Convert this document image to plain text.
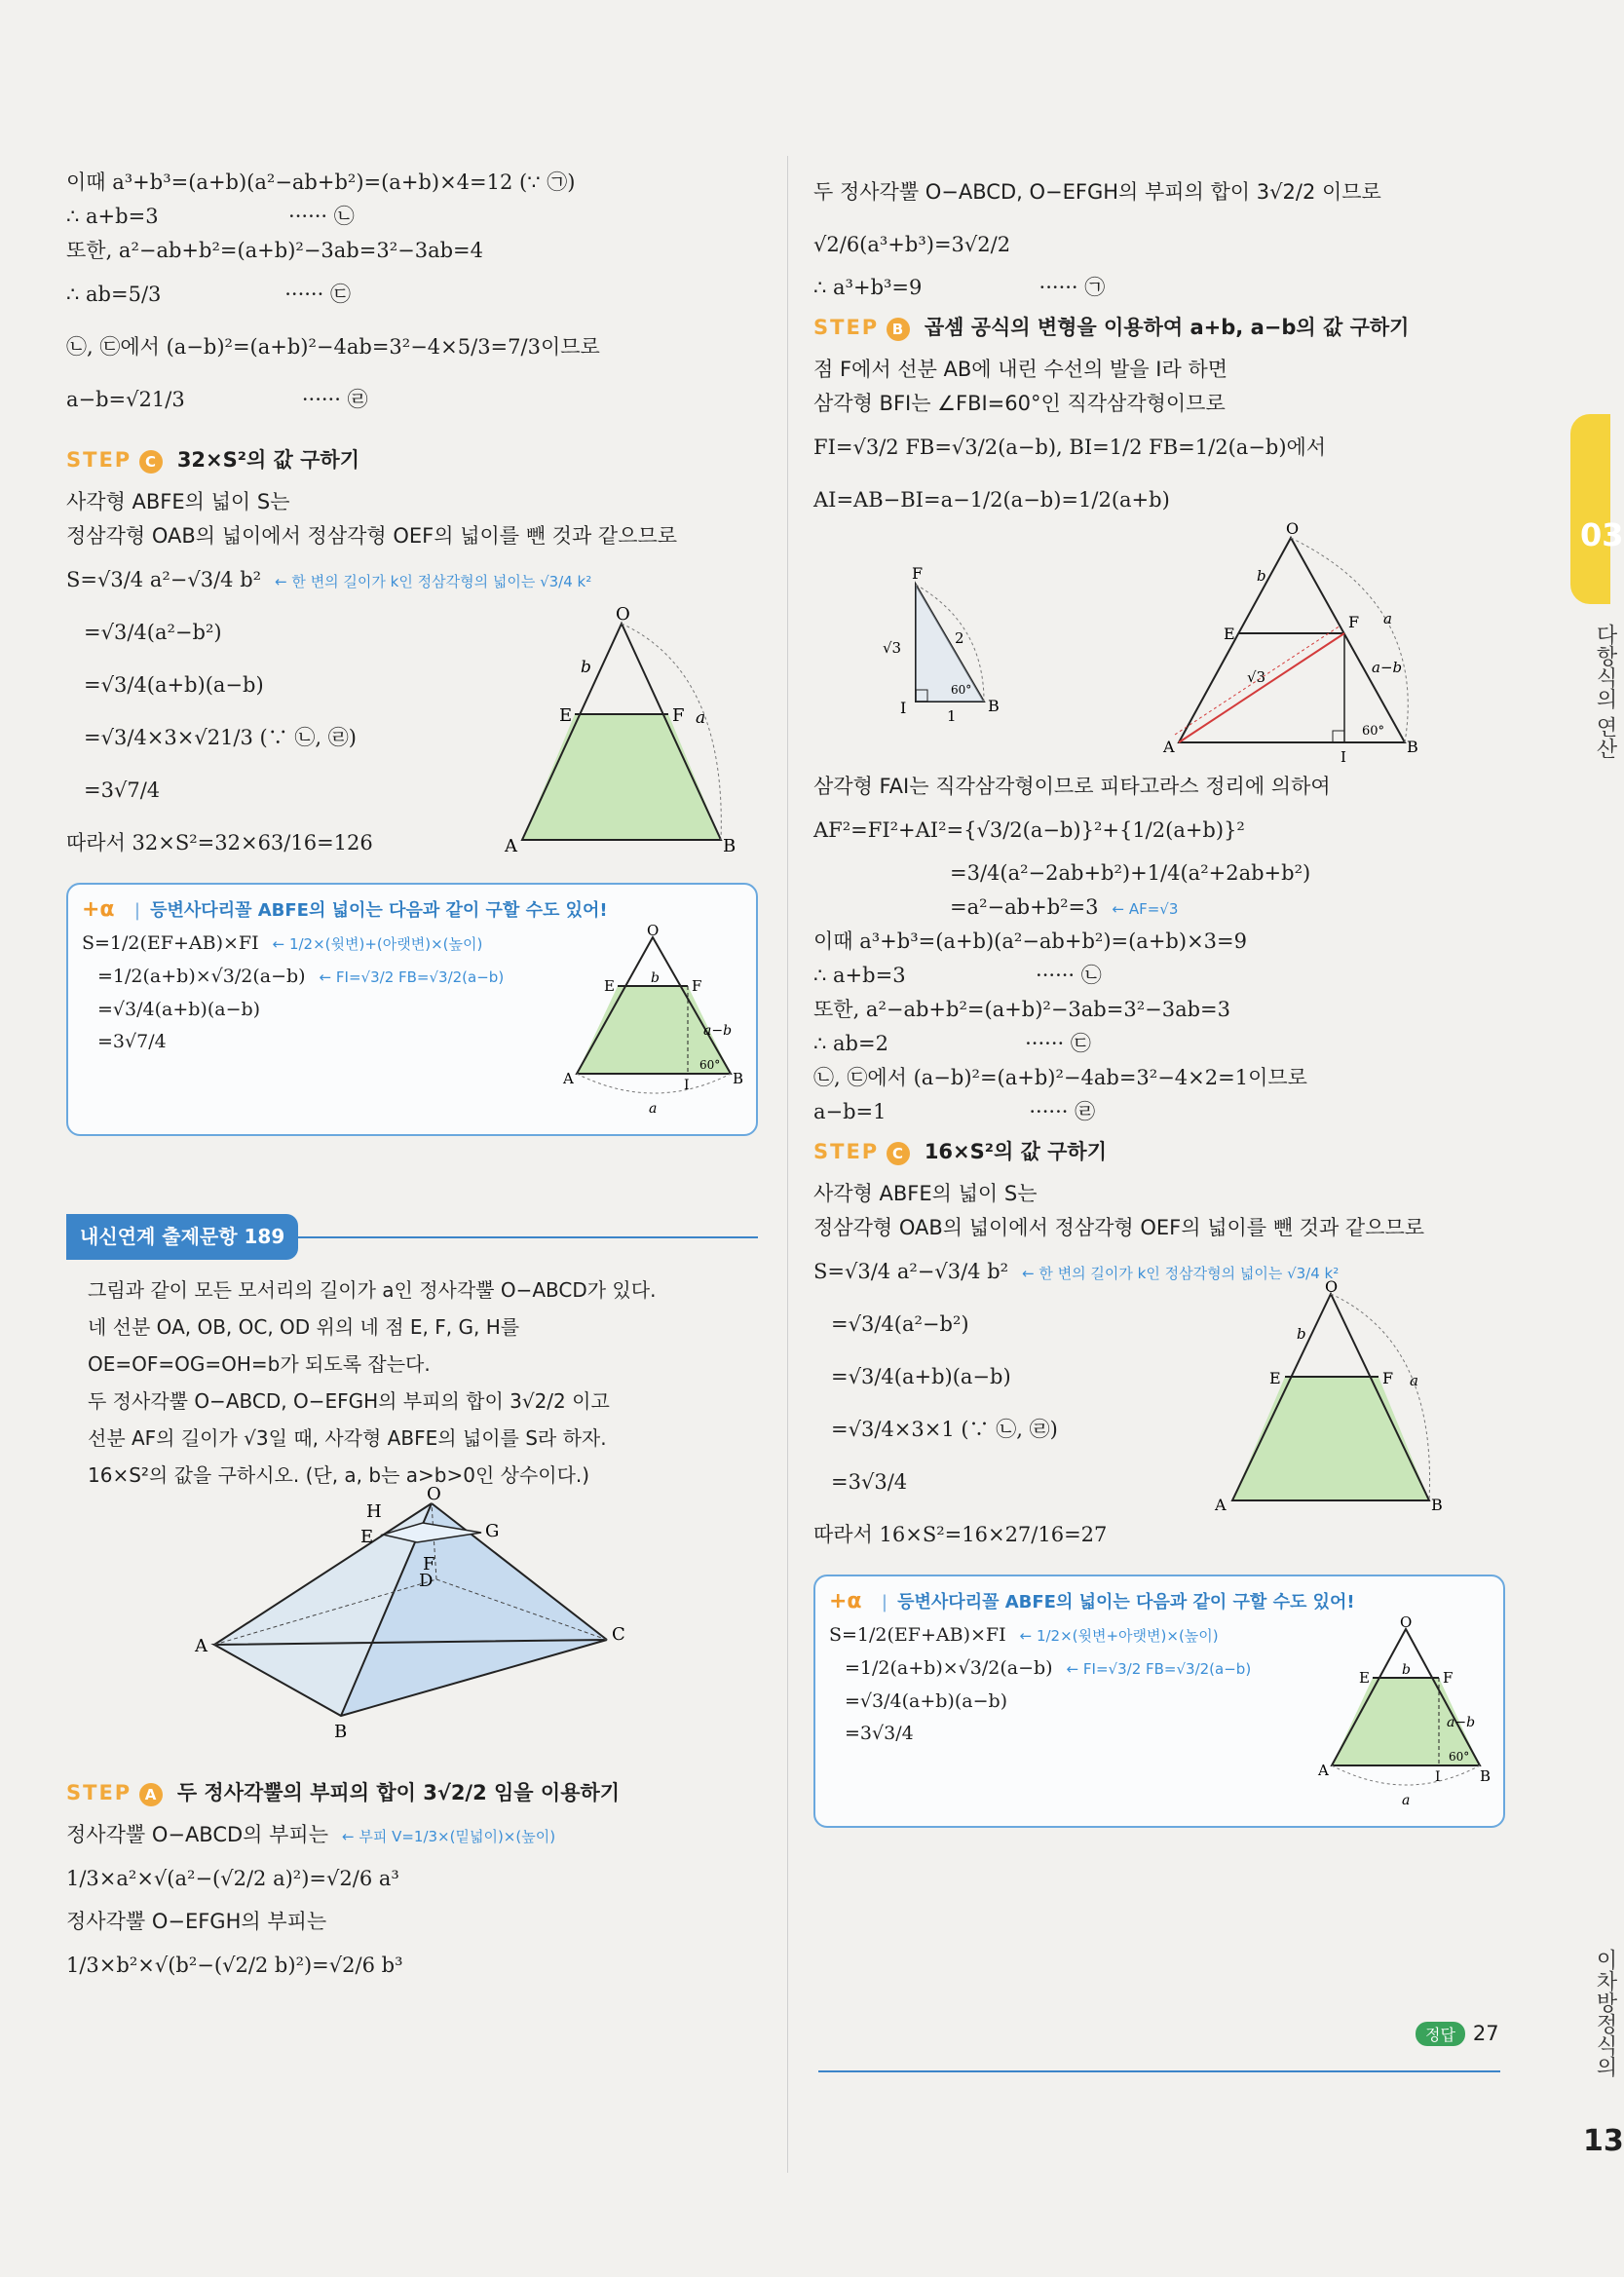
이때 a³+b³=(a+b)(a²−ab+b²)=(a+b)×4=12 (∵ ㉠)
∴ a+b=3                    ······ ㉡
또한, a²−ab+b²=(a+b)²−3ab=3²−3ab=4
∴ ab=5/3                   ······ ㉢
㉡, ㉢에서 (a−b)²=(a+b)²−4ab=3²−4×5/3=7/3이므로
a−b=√21/3                  ······ ㉣
STEP C 32×S²의 값 구하기
사각형 ABFE의 넓이 S는
정삼각형 OAB의 넓이에서 정삼각형 OEF의 넓이를 뺀 것과 같으므로
S=√3/4 a²−√3/4 b² ← 한 변의 길이가 k인 정삼각형의 넓이는 √3/4 k²
=√3/4(a²−b²)
=√3/4(a+b)(a−b)
=√3/4×3×√21/3 (∵ ㉡, ㉣)
=3√7/4
O
A	B
E	F
b
a
따라서 32×S²=32×63/16=126
+α | 등변사다리꼴 ABFE의 넓이는 다음과 같이 구할 수도 있어!
S=1/2(EF+AB)×FI ← 1/2×(윗변)+(아랫변)×(높이)
=1/2(a+b)×√3/2(a−b) ← FI=√3/2 FB=√3/2(a−b)
=√3/4(a+b)(a−b)
=3√7/4
O
A	B
E	F
I
b
a−b
60°
a
내신연계 출제문항 189
그림과 같이 모든 모서리의 길이가 a인 정사각뿔 O−ABCD가 있다.
네 선분 OA, OB, OC, OD 위의 네 점 E, F, G, H를
OE=OF=OG=OH=b가 되도록 잡는다.
두 정사각뿔 O−ABCD, O−EFGH의 부피의 합이 3√2/2 이고
선분 AF의 길이가 √3일 때, 사각형 ABFE의 넓이를 S라 하자.
16×S²의 값을 구하시오. (단, a, b는 a>b>0인 상수이다.)
O
A
B
C
D
E
F
G
H
STEP A 두 정사각뿔의 부피의 합이 3√2/2 임을 이용하기
정사각뿔 O−ABCD의 부피는 ← 부피 V=1/3×(밑넓이)×(높이)
1/3×a²×√(a²−(√2/2 a)²)=√2/6 a³
정사각뿔 O−EFGH의 부피는
1/3×b²×√(b²−(√2/2 b)²)=√2/6 b³
두 정사각뿔 O−ABCD, O−EFGH의 부피의 합이 3√2/2 이므로
√2/6(a³+b³)=3√2/2
∴ a³+b³=9                  ······ ㉠
STEP B 곱셈 공식의 변형을 이용하여 a+b, a−b의 값 구하기
점 F에서 선분 AB에 내린 수선의 발을 I라 하면
삼각형 BFI는 ∠FBI=60°인 직각삼각형이므로
FI=√3/2 FB=√3/2(a−b), BI=1/2 FB=1/2(a−b)에서
AI=AB−BI=a−1/2(a−b)=1/2(a+b)
F
I	B
√3
2
1
60°
O
A	B
E
F
I
√3
b
a
a−b
60°
삼각형 FAI는 직각삼각형이므로 피타고라스 정리에 의하여
AF²=FI²+AI²={√3/2(a−b)}²+{1/2(a+b)}²
=3/4(a²−2ab+b²)+1/4(a²+2ab+b²)
=a²−ab+b²=3 ← AF=√3
이때 a³+b³=(a+b)(a²−ab+b²)=(a+b)×3=9
∴ a+b=3                    ······ ㉡
또한, a²−ab+b²=(a+b)²−3ab=3²−3ab=3
∴ ab=2                     ······ ㉢
㉡, ㉢에서 (a−b)²=(a+b)²−4ab=3²−4×2=1이므로
a−b=1                      ······ ㉣
STEP C 16×S²의 값 구하기
사각형 ABFE의 넓이 S는
정삼각형 OAB의 넓이에서 정삼각형 OEF의 넓이를 뺀 것과 같으므로
S=√3/4 a²−√3/4 b² ← 한 변의 길이가 k인 정삼각형의 넓이는 √3/4 k²
=√3/4(a²−b²)
=√3/4(a+b)(a−b)
=√3/4×3×1 (∵ ㉡, ㉣)
=3√3/4
O
A	B
E	F
b
a
따라서 16×S²=16×27/16=27
+α | 등변사다리꼴 ABFE의 넓이는 다음과 같이 구할 수도 있어!
S=1/2(EF+AB)×FI ← 1/2×(윗변+아랫변)×(높이)
=1/2(a+b)×√3/2(a−b) ← FI=√3/2 FB=√3/2(a−b)
=√3/4(a+b)(a−b)
=3√3/4
O
A	B
E	F
I
b
a−b
60°
a
정답 27
03
다항식의 연산
이차방정식의
13
